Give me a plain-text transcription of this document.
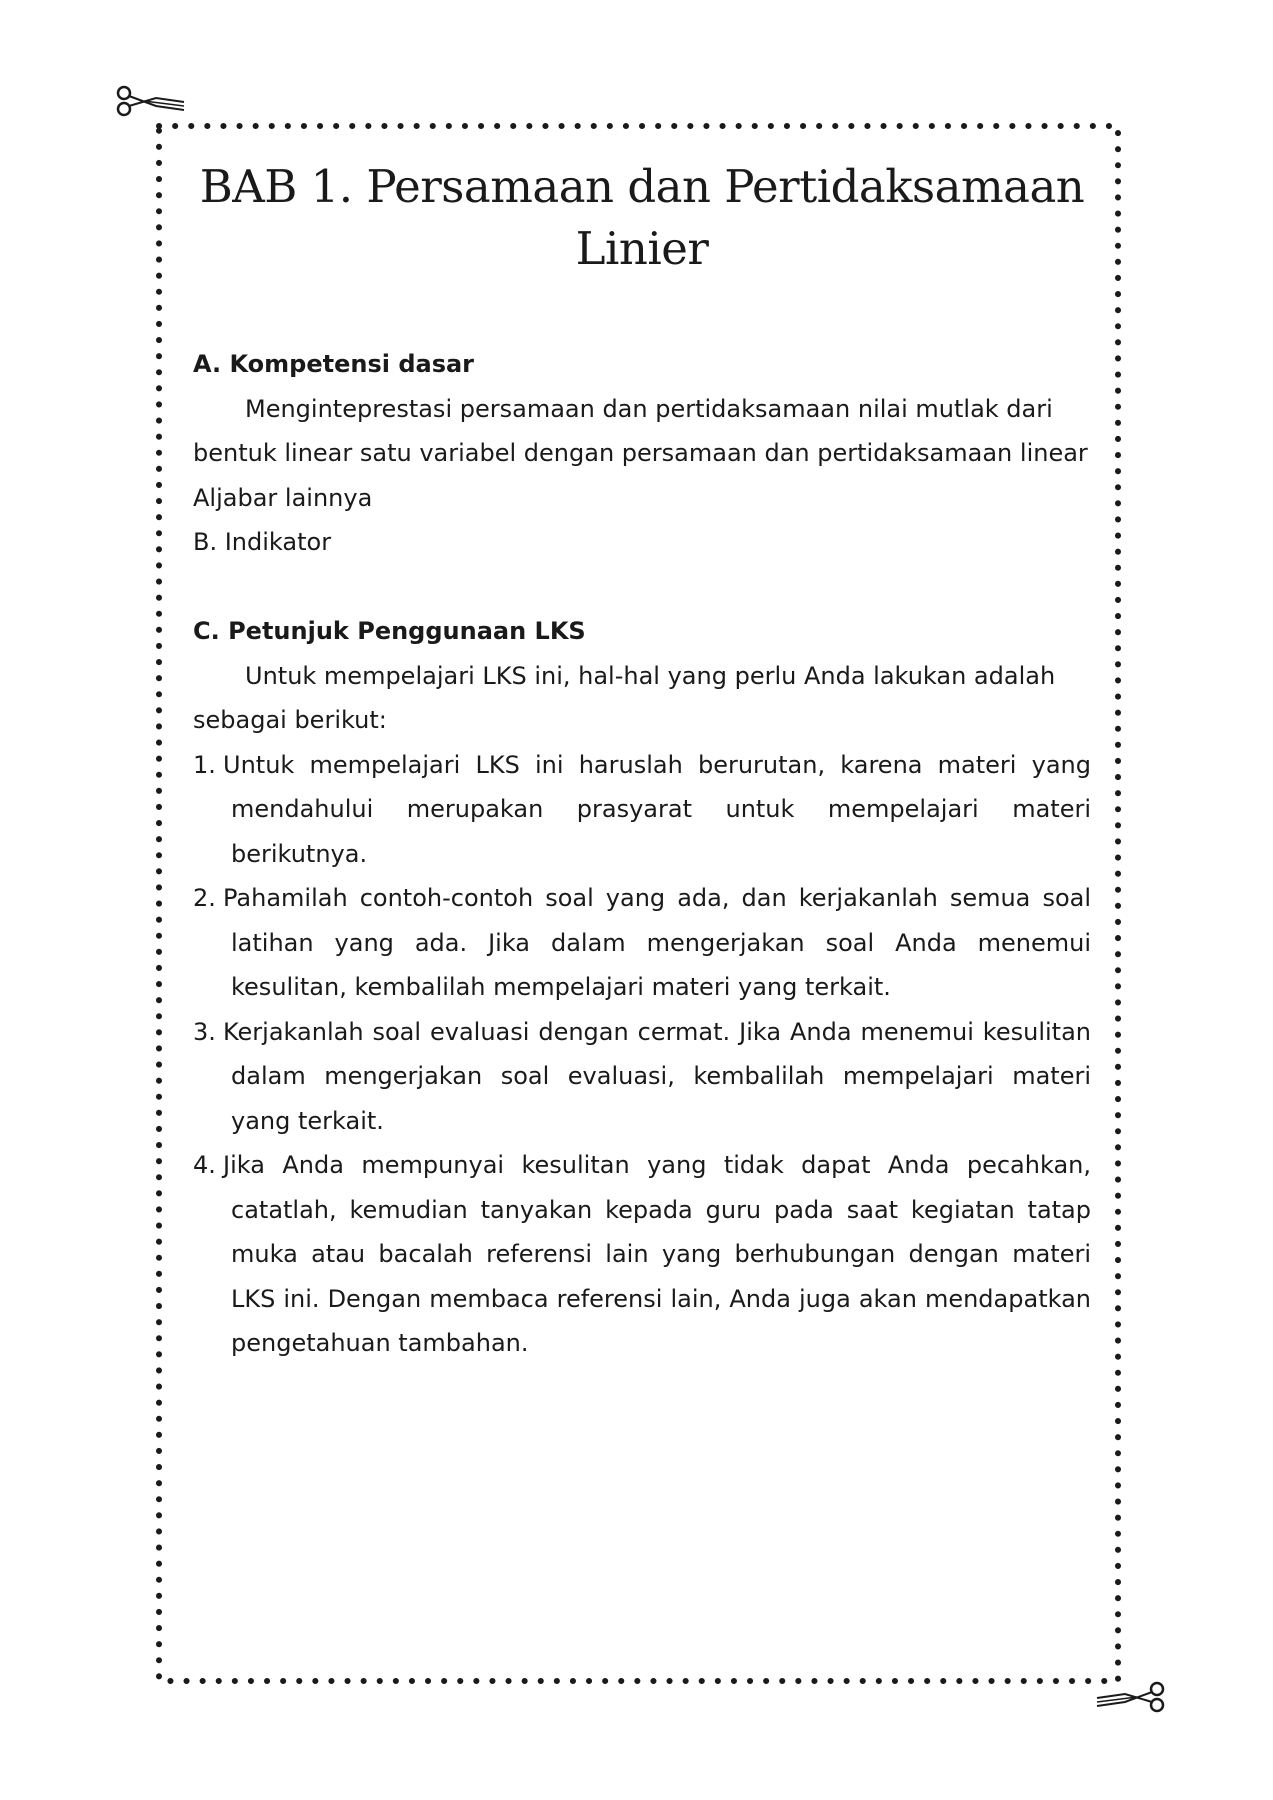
BAB 1. Persamaan dan Pertidaksamaan Linier

A. Kompetensi dasar

Menginteprestasi persamaan dan pertidaksamaan nilai mutlak dari bentuk linear satu variabel dengan persamaan dan pertidaksamaan linear Aljabar lainnya

B. Indikator

C. Petunjuk Penggunaan LKS

Untuk mempelajari LKS ini, hal-hal yang perlu Anda lakukan adalah sebagai berikut:

1. Untuk mempelajari LKS ini haruslah berurutan, karena materi yang mendahului merupakan prasyarat untuk mempelajari materi berikutnya.
2. Pahamilah contoh-contoh soal yang ada, dan kerjakanlah semua soal latihan yang ada. Jika dalam mengerjakan soal Anda menemui kesulitan, kembalilah mempelajari materi yang terkait.
3. Kerjakanlah soal evaluasi dengan cermat. Jika Anda menemui kesulitan dalam mengerjakan soal evaluasi, kembalilah mempelajari materi yang terkait.
4. Jika Anda mempunyai kesulitan yang tidak dapat Anda pecahkan, catatlah, kemudian tanyakan kepada guru pada saat kegiatan tatap muka atau bacalah referensi lain yang berhubungan dengan materi LKS ini. Dengan membaca referensi lain, Anda juga akan mendapatkan pengetahuan tambahan.
